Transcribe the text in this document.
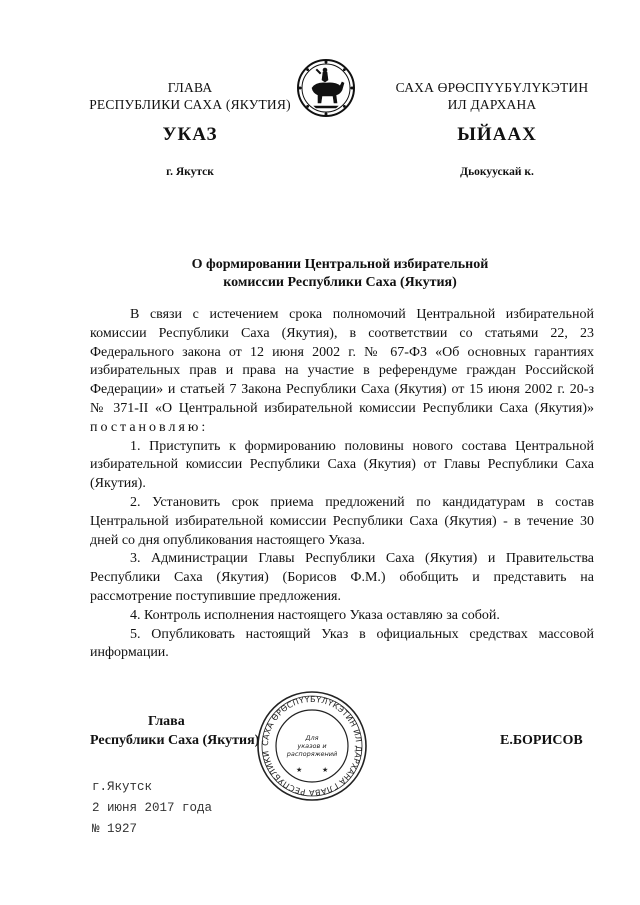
ГЛАВА
РЕСПУБЛИКИ САХА (ЯКУТИЯ)
САХА ӨРӨСПҮҮБҮЛҮКЭТИН
ИЛ ДАРХАНА
УКАЗ	ЫЙААХ
г. Якутск	Дьокуускай к.
О формировании Центральной избирательной
комиссии Республики Саха (Якутия)

В связи с истечением срока полномочий Центральной избирательной комиссии Республики Саха (Якутия), в соответствии со статьями 22, 23 Федерального закона от 12 июня 2002 г. № 67-ФЗ «Об основных гарантиях избирательных прав и права на участие в референдуме граждан Российской Федерации» и статьей 7 Закона Республики Саха (Якутия) от 15 июня 2002 г. 20-з № 371-II «О Центральной избирательной комиссии Республики Саха (Якутия)» постановляю:

1. Приступить к формированию половины нового состава Центральной избирательной комиссии Республики Саха (Якутия) от Главы Республики Саха (Якутия).

2. Установить срок приема предложений по кандидатурам в состав Центральной избирательной комиссии Республики Саха (Якутия) - в течение 30 дней со дня опубликования настоящего Указа.

3. Администрации Главы Республики Саха (Якутия) и Правительства Республики Саха (Якутия) (Борисов Ф.М.) обобщить и представить на рассмотрение поступившие предложения.

4. Контроль исполнения настоящего Указа оставляю за собой.

5. Опубликовать настоящий Указ в официальных средствах массовой информации.

Глава
Республики Саха (Якутия)	Е.БОРИСОВ
САХА ӨРӨСПҮҮБҮЛҮКЭТИН ИЛ ДАРХАНА ГЛАВА РЕСПУБЛИКИ
Для
указов и
распоряжений
★	★
г.Якутск
2 июня 2017 года
№ 1927
